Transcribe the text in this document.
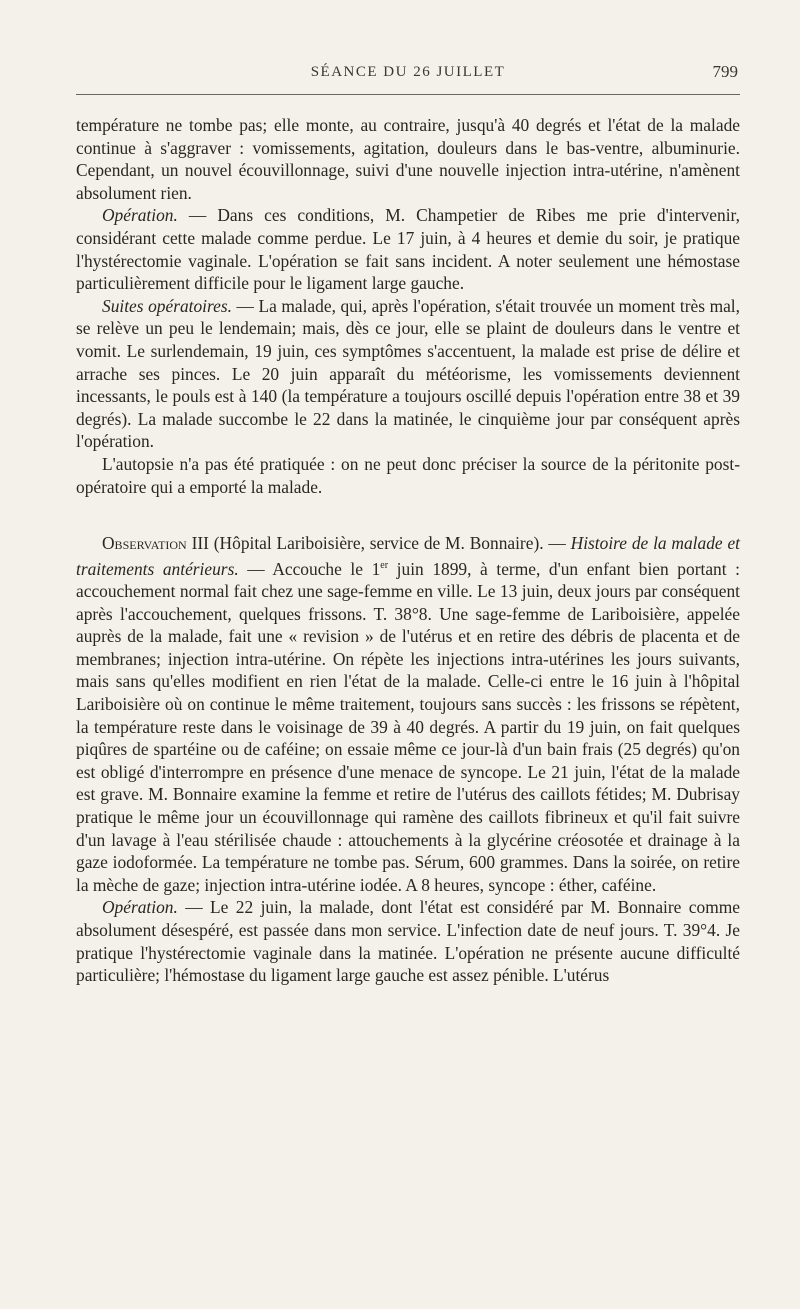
SÉANCE DU 26 JUILLET	799

température ne tombe pas; elle monte, au contraire, jusqu'à 40 degrés et l'état de la malade continue à s'aggraver : vomissements, agitation, douleurs dans le bas-ventre, albuminurie. Cependant, un nouvel écouvillonnage, suivi d'une nouvelle injection intra-utérine, n'amènent absolument rien.

Opération. — Dans ces conditions, M. Champetier de Ribes me prie d'intervenir, considérant cette malade comme perdue. Le 17 juin, à 4 heures et demie du soir, je pratique l'hystérectomie vaginale. L'opération se fait sans incident. A noter seulement une hémostase particulièrement difficile pour le ligament large gauche.

Suites opératoires. — La malade, qui, après l'opération, s'était trouvée un moment très mal, se relève un peu le lendemain; mais, dès ce jour, elle se plaint de douleurs dans le ventre et vomit. Le surlendemain, 19 juin, ces symptômes s'accentuent, la malade est prise de délire et arrache ses pinces. Le 20 juin apparaît du météorisme, les vomissements deviennent incessants, le pouls est à 140 (la température a toujours oscillé depuis l'opération entre 38 et 39 degrés). La malade succombe le 22 dans la matinée, le cinquième jour par conséquent après l'opération.

L'autopsie n'a pas été pratiquée : on ne peut donc préciser la source de la péritonite post-opératoire qui a emporté la malade.

Observation III (Hôpital Lariboisière, service de M. Bonnaire). — Histoire de la malade et traitements antérieurs. — Accouche le 1er juin 1899, à terme, d'un enfant bien portant : accouchement normal fait chez une sage-femme en ville. Le 13 juin, deux jours par conséquent après l'accouchement, quelques frissons. T. 38°8. Une sage-femme de Lariboisière, appelée auprès de la malade, fait une « revision » de l'utérus et en retire des débris de placenta et de membranes; injection intra-utérine. On répète les injections intra-utérines les jours suivants, mais sans qu'elles modifient en rien l'état de la malade. Celle-ci entre le 16 juin à l'hôpital Lariboisière où on continue le même traitement, toujours sans succès : les frissons se répètent, la température reste dans le voisinage de 39 à 40 degrés. A partir du 19 juin, on fait quelques piqûres de spartéine ou de caféine; on essaie même ce jour-là d'un bain frais (25 degrés) qu'on est obligé d'interrompre en présence d'une menace de syncope. Le 21 juin, l'état de la malade est grave. M. Bonnaire examine la femme et retire de l'utérus des caillots fétides; M. Dubrisay pratique le même jour un écouvillonnage qui ramène des caillots fibrineux et qu'il fait suivre d'un lavage à l'eau stérilisée chaude : attouchements à la glycérine créosotée et drainage à la gaze iodoformée. La température ne tombe pas. Sérum, 600 grammes. Dans la soirée, on retire la mèche de gaze; injection intra-utérine iodée. A 8 heures, syncope : éther, caféine.

Opération. — Le 22 juin, la malade, dont l'état est considéré par M. Bonnaire comme absolument désespéré, est passée dans mon service. L'infection date de neuf jours. T. 39°4. Je pratique l'hystérectomie vaginale dans la matinée. L'opération ne présente aucune difficulté particulière; l'hémostase du ligament large gauche est assez pénible. L'utérus
